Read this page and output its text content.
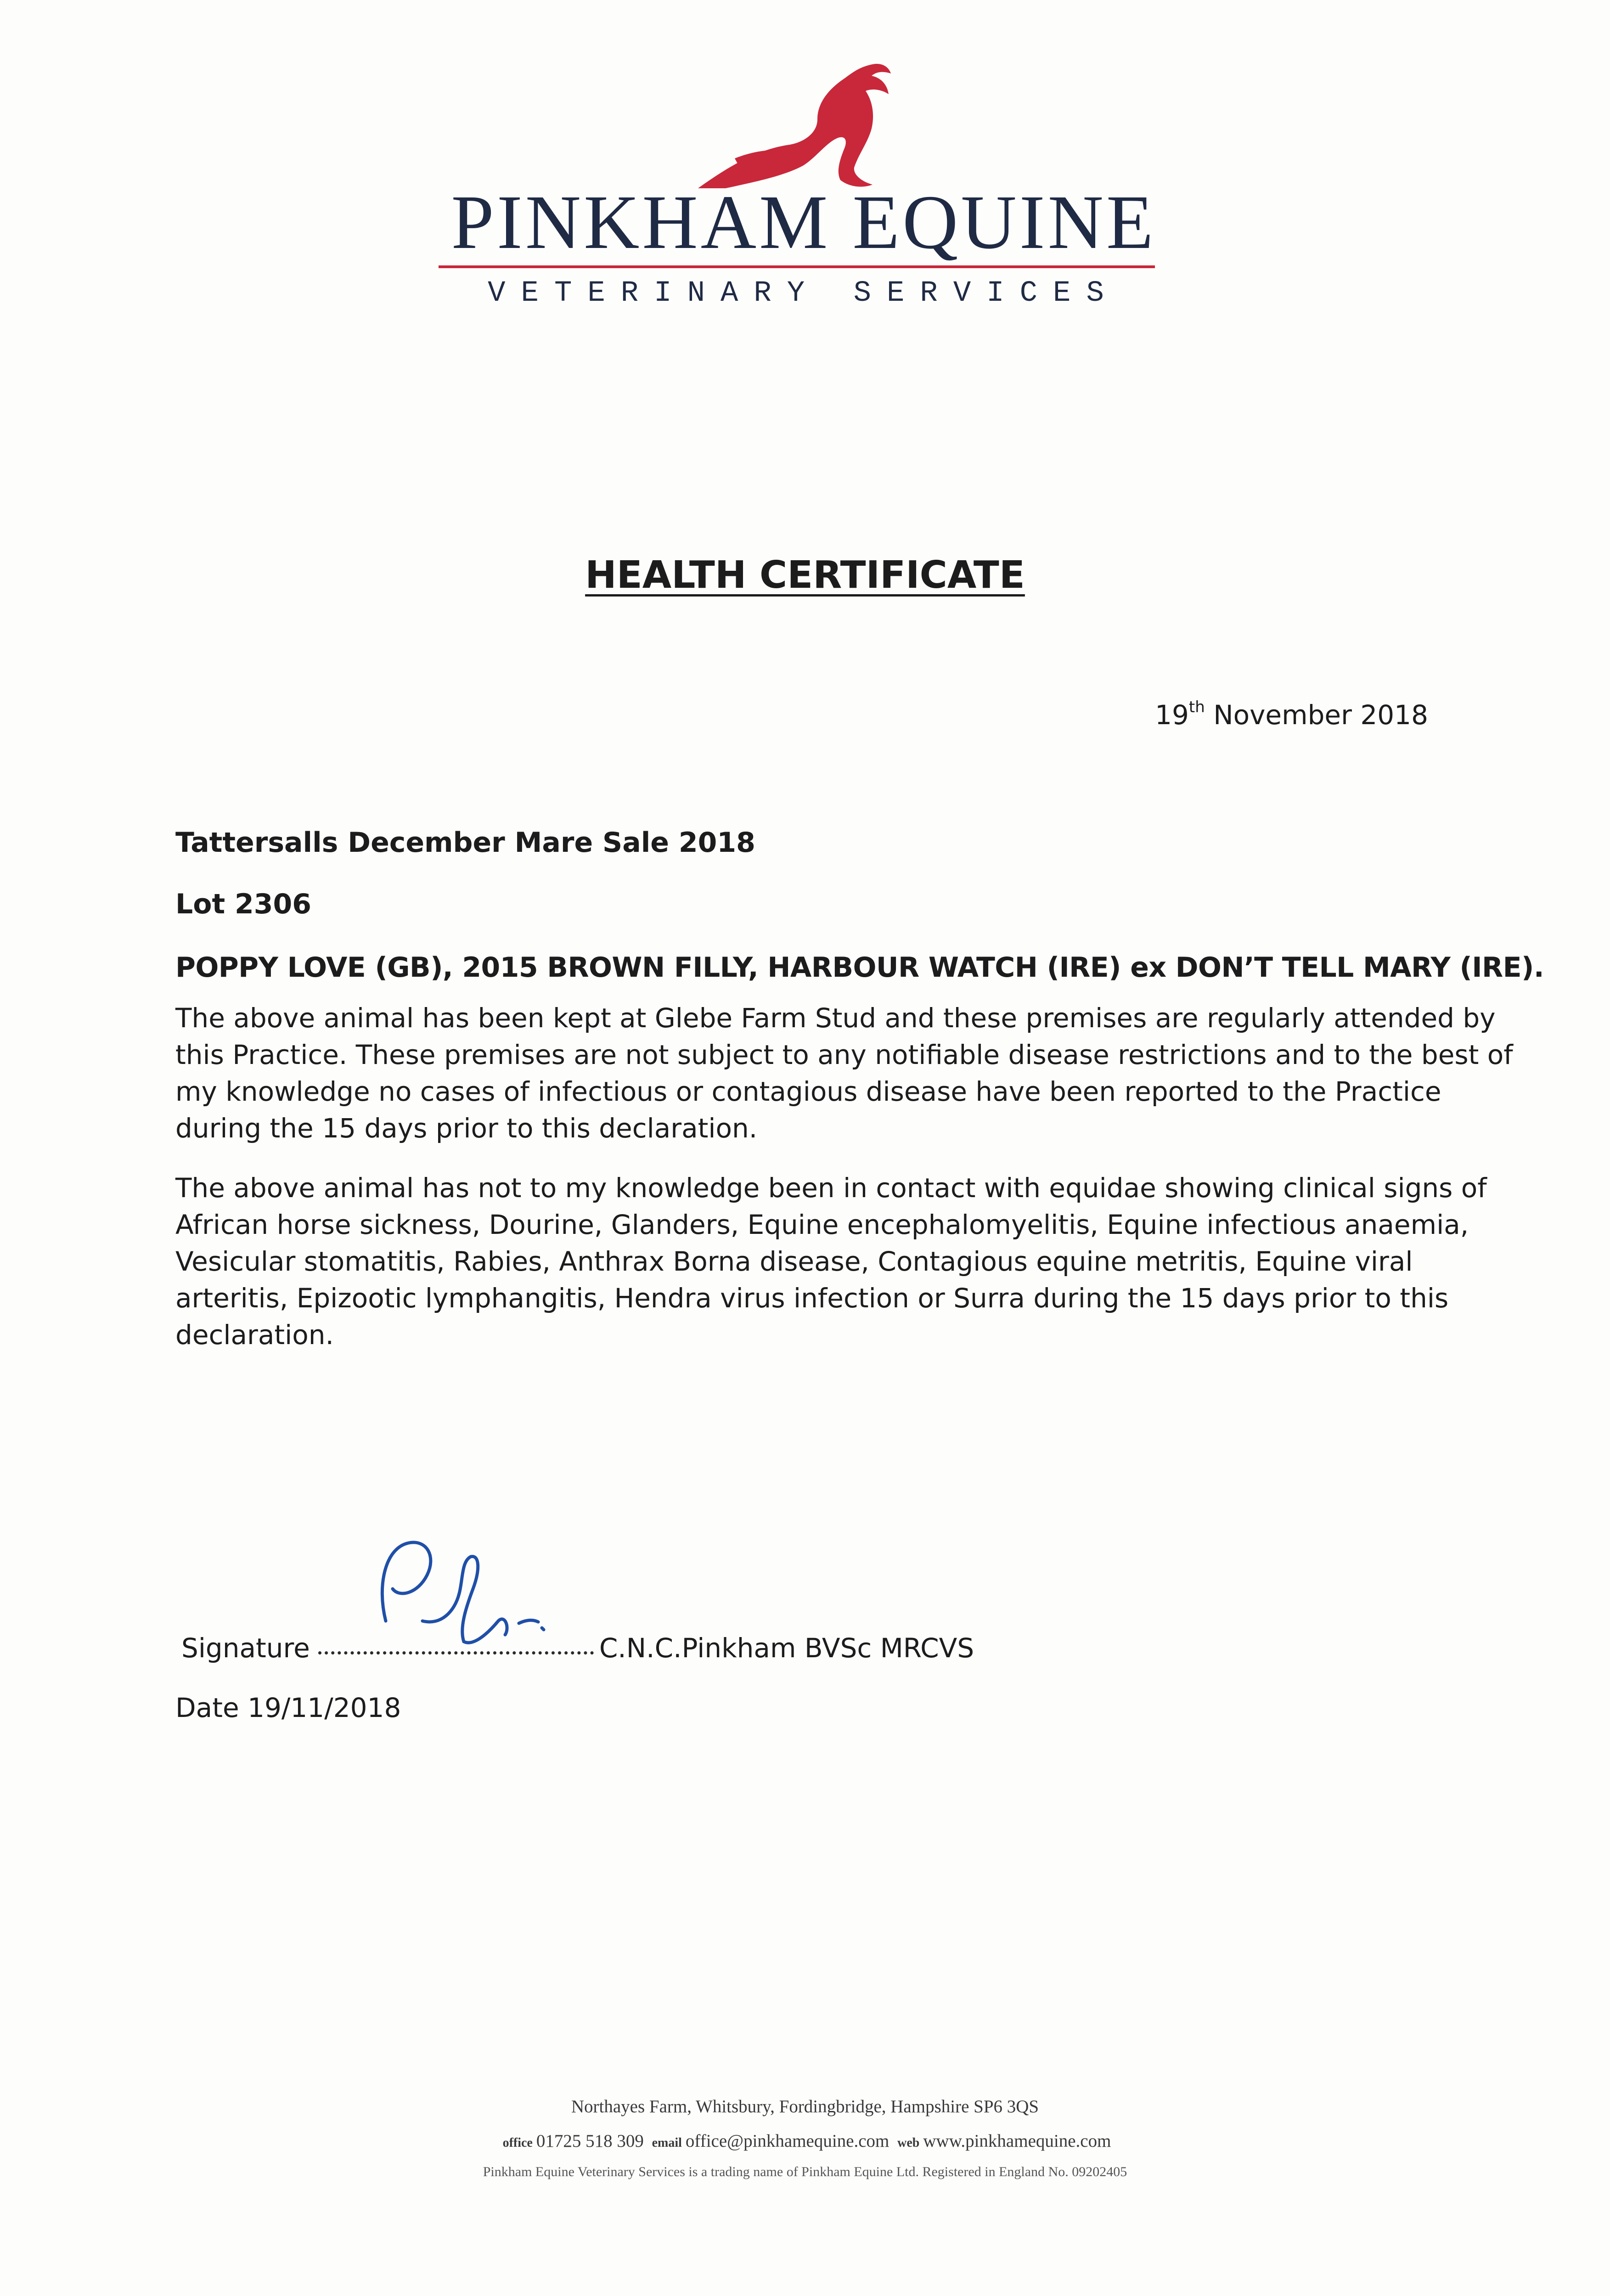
PINKHAM EQUINE
VETERINARY SERVICES
HEALTH CERTIFICATE
19th November 2018
Tattersalls December Mare Sale 2018
Lot 2306
POPPY LOVE (GB), 2015 BROWN FILLY, HARBOUR WATCH (IRE) ex DON’T TELL MARY (IRE).
The above animal has been kept at Glebe Farm Stud and these premises are regularly attended by
this Practice. These premises are not subject to any notifiable disease restrictions and to the best of
my knowledge no cases of infectious or contagious disease have been reported to the Practice
during the 15 days prior to this declaration.
The above animal has not to my knowledge been in contact with equidae showing clinical signs of
African horse sickness, Dourine, Glanders, Equine encephalomyelitis, Equine infectious anaemia,
Vesicular stomatitis, Rabies, Anthrax Borna disease, Contagious equine metritis, Equine viral
arteritis, Epizootic lymphangitis, Hendra virus infection or Surra during the 15 days prior to this
declaration.
Signature	C.N.C.Pinkham BVSc MRCVS
Date 19/11/2018
Northayes Farm, Whitsbury, Fordingbridge, Hampshire SP6 3QS
office 01725 518 309 email office@pinkhamequine.com web www.pinkhamequine.com
Pinkham Equine Veterinary Services is a trading name of Pinkham Equine Ltd. Registered in England No. 09202405
